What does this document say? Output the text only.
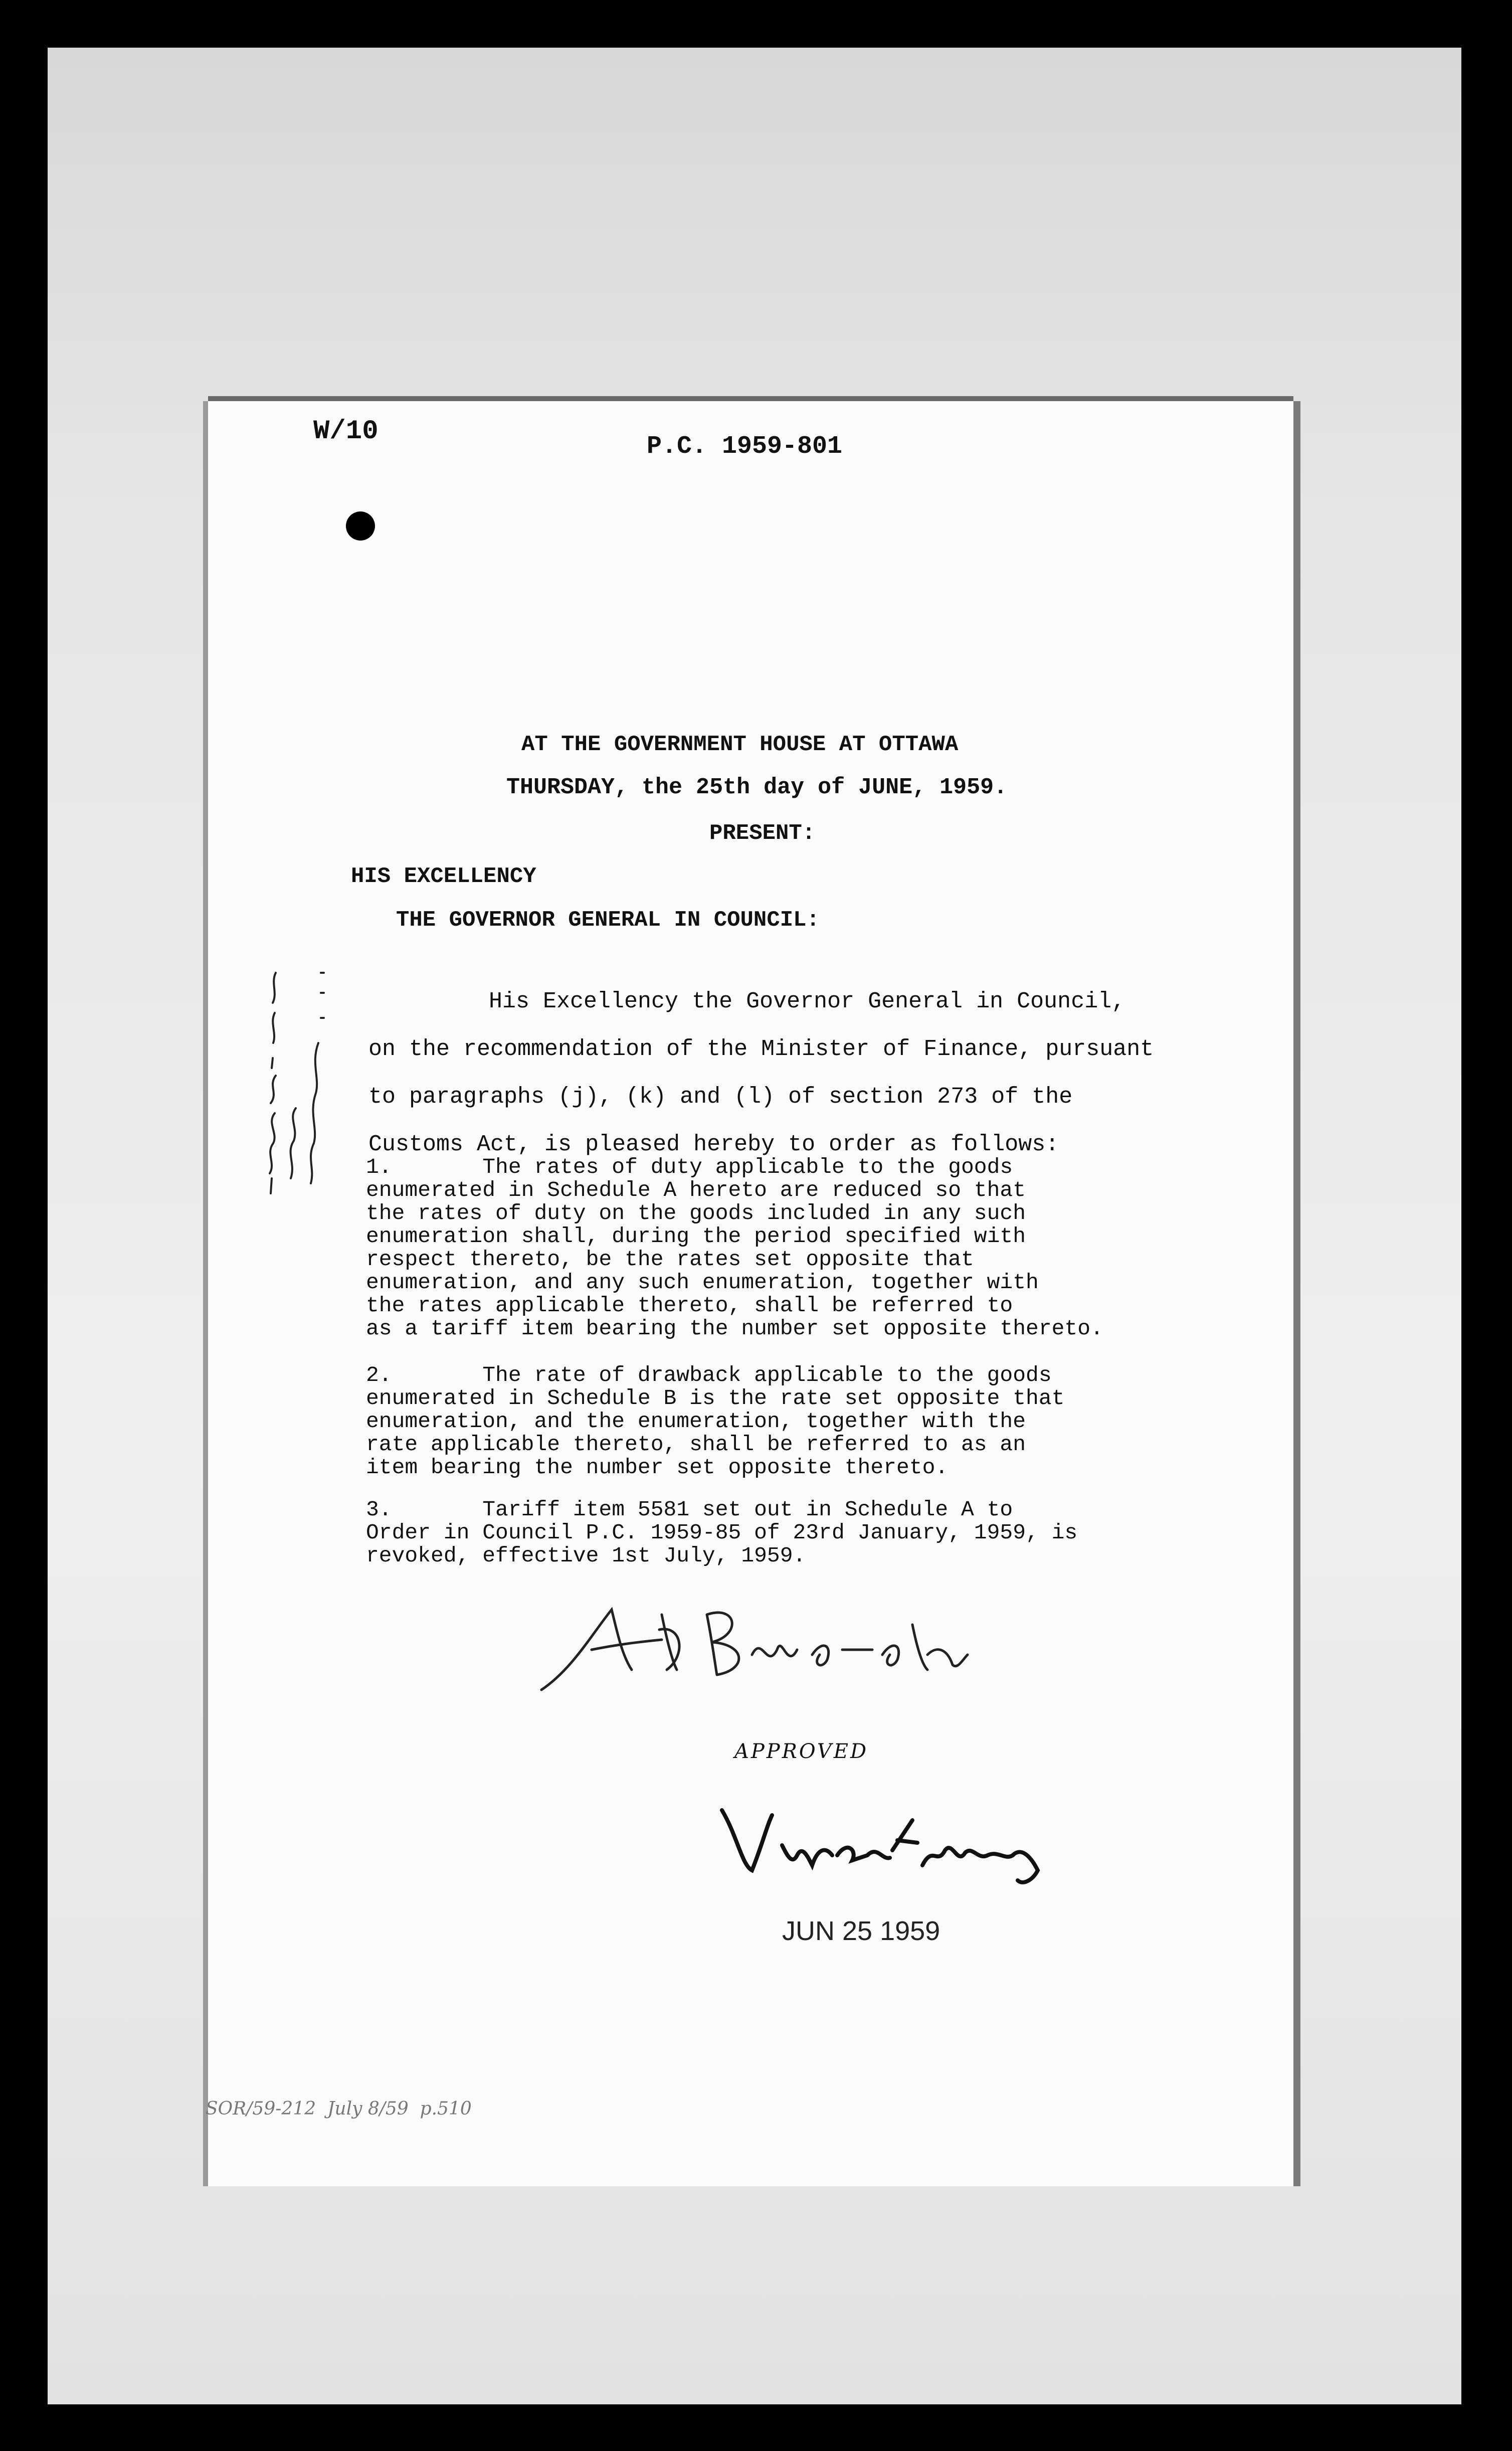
W/10	P.C. 1959-801
AT THE GOVERNMENT HOUSE AT OTTAWA
THURSDAY, the 25th day of JUNE, 1959.
PRESENT:
HIS EXCELLENCY
THE GOVERNOR GENERAL IN COUNCIL:
His Excellency the Governor General in Council,
on the recommendation of the Minister of Finance, pursuant
to paragraphs (j), (k) and (l) of section 273 of the
Customs Act, is pleased hereby to order as follows:
1.       The rates of duty applicable to the goods
enumerated in Schedule A hereto are reduced so that
the rates of duty on the goods included in any such
enumeration shall, during the period specified with
respect thereto, be the rates set opposite that
enumeration, and any such enumeration, together with
the rates applicable thereto, shall be referred to
as a tariff item bearing the number set opposite thereto.
2.       The rate of drawback applicable to the goods
enumerated in Schedule B is the rate set opposite that
enumeration, and the enumeration, together with the
rate applicable thereto, shall be referred to as an
item bearing the number set opposite thereto.
3.       Tariff item 5581 set out in Schedule A to
Order in Council P.C. 1959-85 of 23rd January, 1959, is
revoked, effective 1st July, 1959.
APPROVED
JUN 25 1959
SOR/59-212  July 8/59  p.510
